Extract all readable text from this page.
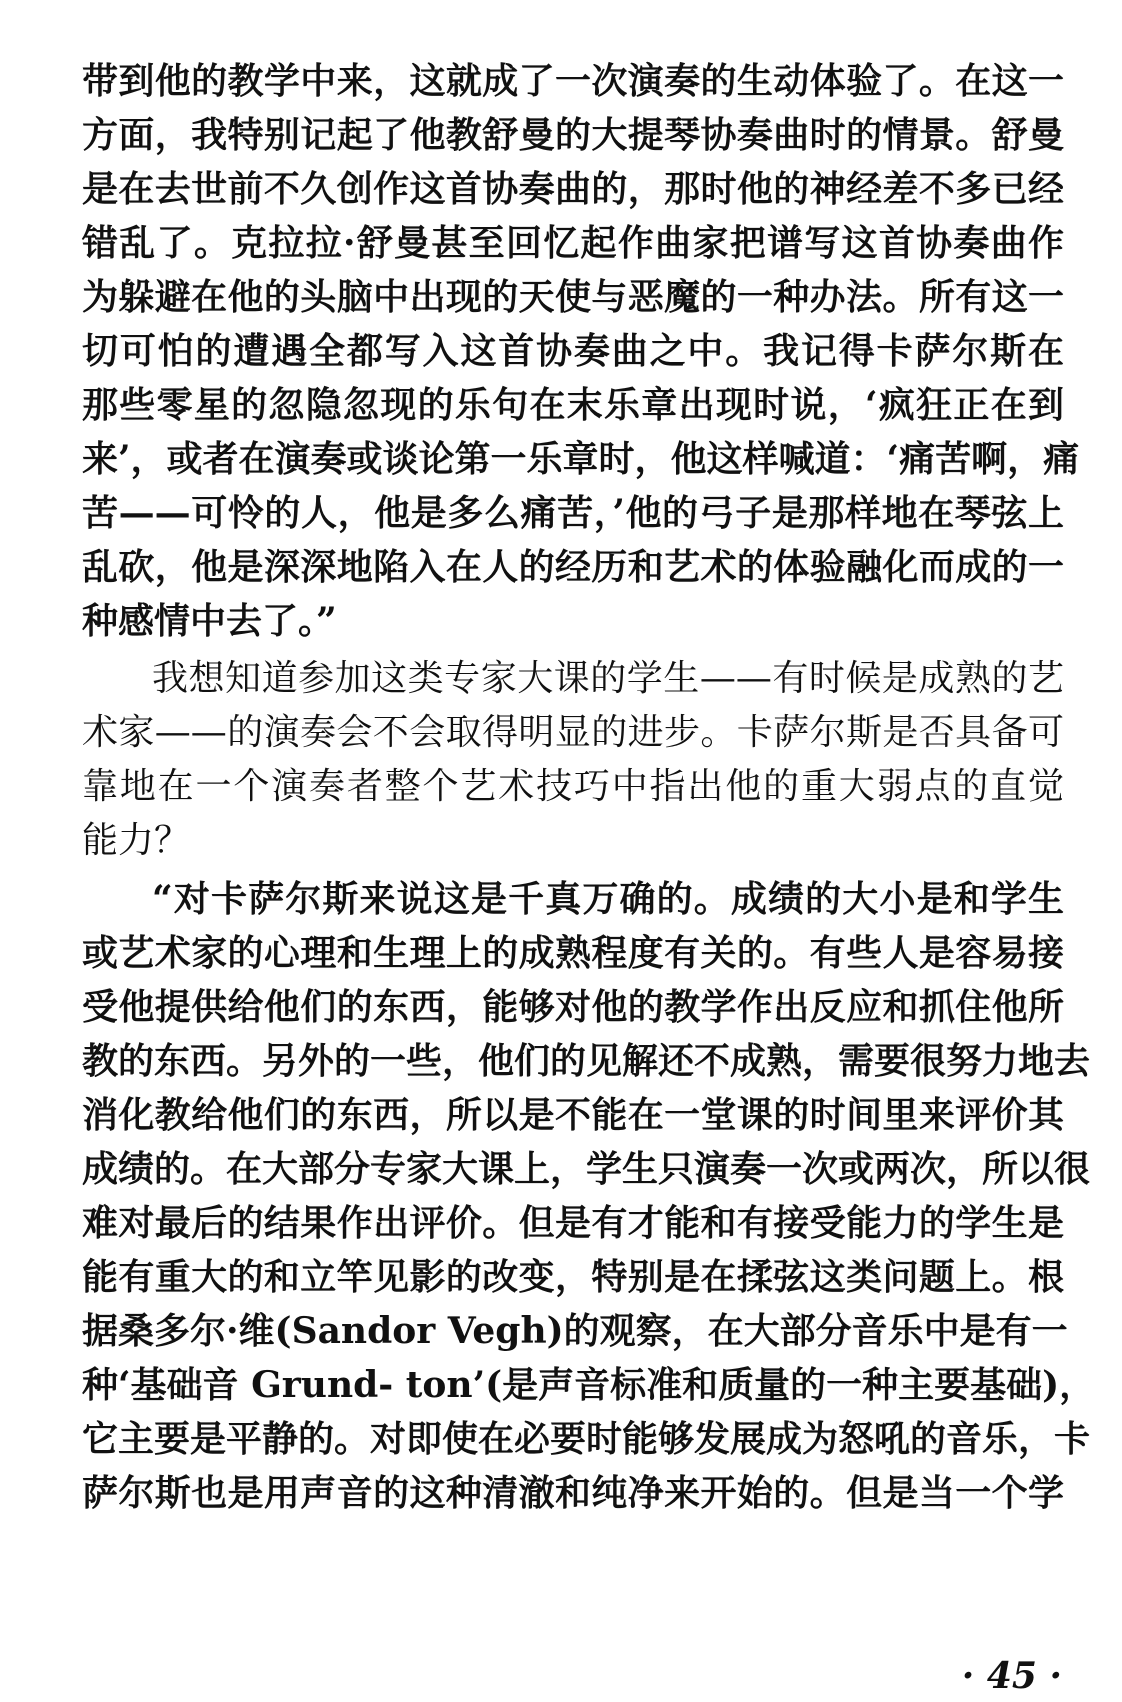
带到他的教学中来，这就成了一次演奏的生动体验了。在这一
方面，我特别记起了他教舒曼的大提琴协奏曲时的情景。舒曼
是在去世前不久创作这首协奏曲的，那时他的神经差不多已经
错乱了。克拉拉·舒曼甚至回忆起作曲家把谱写这首协奏曲作
为躲避在他的头脑中出现的天使与恶魔的一种办法。所有这一
切可怕的遭遇全都写入这首协奏曲之中。我记得卡萨尔斯在
那些零星的忽隐忽现的乐句在末乐章出现时说，‘疯狂正在到
来’，或者在演奏或谈论第一乐章时，他这样喊道：‘痛苦啊，痛
苦——可怜的人，他是多么痛苦，’他的弓子是那样地在琴弦上
乱砍，他是深深地陷入在人的经历和艺术的体验融化而成的一
种感情中去了。”
我想知道参加这类专家大课的学生——有时候是成熟的艺
术家——的演奏会不会取得明显的进步。卡萨尔斯是否具备可
靠地在一个演奏者整个艺术技巧中指出他的重大弱点的直觉
能力？
“对卡萨尔斯来说这是千真万确的。成绩的大小是和学生
或艺术家的心理和生理上的成熟程度有关的。有些人是容易接
受他提供给他们的东西，能够对他的教学作出反应和抓住他所
教的东西。另外的一些，他们的见解还不成熟，需要很努力地去
消化教给他们的东西，所以是不能在一堂课的时间里来评价其
成绩的。在大部分专家大课上，学生只演奏一次或两次，所以很
难对最后的结果作出评价。但是有才能和有接受能力的学生是
能有重大的和立竿见影的改变，特别是在揉弦这类问题上。根
据桑多尔·维(Sandor Vegh)的观察，在大部分音乐中是有一
种‘基础音 Grund- ton’(是声音标准和质量的一种主要基础)，
它主要是平静的。对即使在必要时能够发展成为怒吼的音乐，卡
萨尔斯也是用声音的这种清澈和纯净来开始的。但是当一个学
· 45 ·
